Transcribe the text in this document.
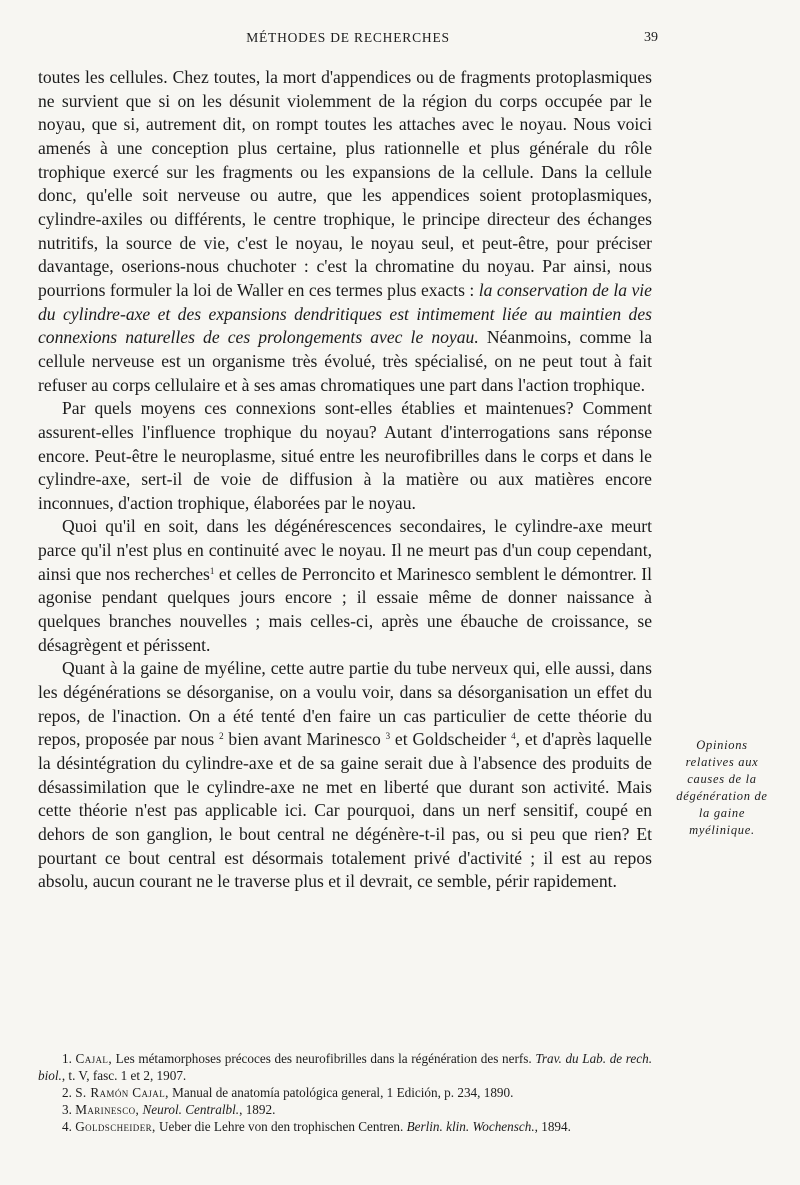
MÉTHODES DE RECHERCHES	39

toutes les cellules. Chez toutes, la mort d'appendices ou de fragments protoplasmiques ne survient que si on les désunit violemment de la région du corps occupée par le noyau, que si, autrement dit, on rompt toutes les attaches avec le noyau. Nous voici amenés à une conception plus certaine, plus rationnelle et plus générale du rôle trophique exercé sur les fragments ou les expansions de la cellule. Dans la cellule donc, qu'elle soit nerveuse ou autre, que les appendices soient protoplasmiques, cylindre-axiles ou différents, le centre trophique, le principe directeur des échanges nutritifs, la source de vie, c'est le noyau, le noyau seul, et peut-être, pour préciser davantage, oserions-nous chuchoter : c'est la chromatine du noyau. Par ainsi, nous pourrions formuler la loi de Waller en ces termes plus exacts : la conservation de la vie du cylindre-axe et des expansions dendritiques est intimement liée au maintien des connexions naturelles de ces prolongements avec le noyau. Néanmoins, comme la cellule nerveuse est un organisme très évolué, très spécialisé, on ne peut tout à fait refuser au corps cellulaire et à ses amas chromatiques une part dans l'action trophique.

Par quels moyens ces connexions sont-elles établies et maintenues? Comment assurent-elles l'influence trophique du noyau? Autant d'interrogations sans réponse encore. Peut-être le neuroplasme, situé entre les neurofibrilles dans le corps et dans le cylindre-axe, sert-il de voie de diffusion à la matière ou aux matières encore inconnues, d'action trophique, élaborées par le noyau.

Quoi qu'il en soit, dans les dégénérescences secondaires, le cylindre-axe meurt parce qu'il n'est plus en continuité avec le noyau. Il ne meurt pas d'un coup cependant, ainsi que nos recherches$^1$ et celles de Perroncito et Marinesco semblent le démontrer. Il agonise pendant quelques jours encore ; il essaie même de donner naissance à quelques branches nouvelles ; mais celles-ci, après une ébauche de croissance, se désagrègent et périssent.

Quant à la gaine de myéline, cette autre partie du tube nerveux qui, elle aussi, dans les dégénérations se désorganise, on a voulu voir, dans sa désorganisation un effet du repos, de l'inaction. On a été tenté d'en faire un cas particulier de cette théorie du repos, proposée par nous $^2$ bien avant Marinesco $^3$ et Goldscheider $^4$, et d'après laquelle la désintégration du cylindre-axe et de sa gaine serait due à l'absence des produits de désassimilation que le cylindre-axe ne met en liberté que durant son activité. Mais cette théorie n'est pas applicable ici. Car pourquoi, dans un nerf sensitif, coupé en dehors de son ganglion, le bout central ne dégénère-t-il pas, ou si peu que rien? Et pourtant ce bout central est désormais totalement privé d'activité ; il est au repos absolu, aucun courant ne le traverse plus et il devrait, ce semble, périr rapidement.

Opinions relatives aux causes de la dégénération de la gaine myélinique.

1. Cajal, Les métamorphoses précoces des neurofibrilles dans la régénération des nerfs. Trav. du Lab. de rech. biol., t. V, fasc. 1 et 2, 1907.

2. S. Ramón Cajal, Manual de anatomía patológica general, 1 Edición, p. 234, 1890.

3. Marinesco, Neurol. Centralbl., 1892.

4. Goldscheider, Ueber die Lehre von den trophischen Centren. Berlin. klin. Wochensch., 1894.
